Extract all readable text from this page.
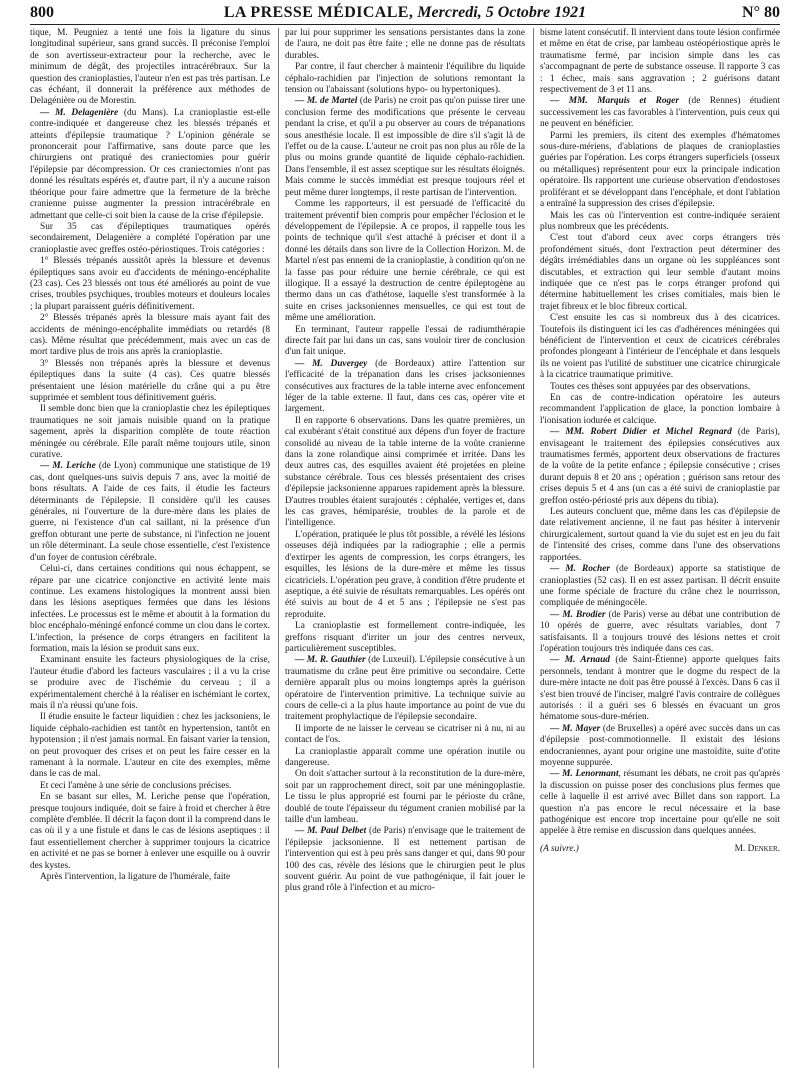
800	LA PRESSE MÉDICALE, Mercredi, 5 Octobre 1921	N° 80

tique, M. Peugniez a tenté une fois la ligature du sinus longitudinal supérieur, sans grand succès. Il préconise l'emploi de son avertisseur-extracteur pour la recherche, avec le minimum de dégât, des projectiles intracérébraux. Sur la question des cranioplasties, l'auteur n'en est pas très partisan. Le cas échéant, il donnerait la préférence aux méthodes de Delagénière ou de Morestin.

— M. Delagenière (du Mans). La cranioplastie est-elle contre-indiquée et dangereuse chez les blessés trépanés et atteints d'épilepsie traumatique ? L'opinion générale se prononcerait pour l'affirmative, sans doute parce que les chirurgiens ont pratiqué des craniectomies pour guérir l'épilepsie par décompression. Or ces craniectomies n'ont pas donné les résultats espérés et, d'autre part, il n'y a aucune raison théorique pour faire admettre que la fermeture de la brèche cranienne puisse augmenter la pression intracérébrale en admettant que celle-ci soit bien la cause de la crise d'épilepsie.

Sur 35 cas d'épileptiques traumatiques opérés secondairement, Delagenière a complété l'opération par une cranioplastie avec greffes ostéo-périostiques. Trois catégories :

1° Blessés trépanés aussitôt après la blessure et devenus épileptiques sans avoir eu d'accidents de méningo-encéphalite (23 cas). Ces 23 blessés ont tous été améliorés au point de vue crises, troubles psychiques, troubles moteurs et douleurs locales ; la plupart paraissent guéris définitivement.

2° Blessés trépanés après la blessure mais ayant fait des accidents de méningo-encéphalite immédiats ou retardés (8 cas). Même résultat que précédemment, mais avec un cas de mort tardive plus de trois ans après la cranioplastie.

3° Blessés non trépanés après la blessure et devenus épileptiques dans la suite (4 cas). Ces quatre blessés présentaient une lésion matérielle du crâne qui a pu être supprimée et semblent tous définitivement guéris.

Il semble donc bien que la cranioplastie chez les épileptiques traumatiques ne soit jamais nuisible quand on la pratique sagement, après la disparition complète de toute réaction méningée ou cérébrale. Elle paraît même toujours utile, sinon curative.

— M. Leriche (de Lyon) communique une statistique de 19 cas, dont quelques-uns suivis depuis 7 ans, avec la moitié de bons résultats. A l'aide de ces faits, il étudie les facteurs déterminants de l'épilepsie. Il considère qu'il les causes générales, ni l'ouverture de la dure-mère dans les plaies de guerre, ni l'existence d'un cal saillant, ni la présence d'un greffon obturant une perte de substance, ni l'infection ne jouent un rôle déterminant. La seule chose essentielle, c'est l'existence d'un foyer de contusion cérébrale.

Celui-ci, dans certaines conditions qui nous échappent, se répare par une cicatrice conjonctive en activité lente mais continue. Les examens histologiques la montrent aussi bien dans les lésions aseptiques fermées que dans les lésions infectées. Le processus est le même et aboutit à la formation du bloc encéphalo-méningé enfoncé comme un clou dans le cortex. L'infection, la présence de corps étrangers en facilitent la formation, mais la lésion se produit sans eux.

Examinant ensuite les facteurs physiologiques de la crise, l'auteur étudie d'abord les facteurs vasculaires ; il a vu la crise se produire avec de l'ischémie du cerveau ; il a expérimentalement cherché à la réaliser en ischémiant le cortex, mais il n'a réussi qu'une fois.

Il étudie ensuite le facteur liquidien : chez les jacksoniens, le liquide céphalo-rachidien est tantôt en hypertension, tantôt en hypotension ; il n'est jamais normal. En faisant varier la tension, on peut provoquer des crises et on peut les faire cesser en la ramenant à la normale. L'auteur en cite des exemples, même dans le cas de mal.

Et ceci l'amène à une série de conclusions précises.

En se basant sur elles, M. Leriche pense que l'opération, presque toujours indiquée, doit se faire à froid et chercher à être complète d'emblée. Il décrit la façon dont il la comprend dans le cas où il y a une fistule et dans le cas de lésions aseptiques : il faut essentiellement chercher à supprimer toujours la cicatrice en activité et ne pas se borner à enlever une esquille ou à ouvrir des kystes.

Après l'intervention, la ligature de l'humérale, faite

par lui pour supprimer les sensations persistantes dans la zone de l'aura, ne doit pas être faite ; elle ne donne pas de résultats durables.

Par contre, il faut chercher à maintenir l'équilibre du liquide céphalo-rachidien par l'injection de solutions remontant la tension ou l'abaissant (solutions hypo- ou hypertoniques).

— M. de Martel (de Paris) ne croit pas qu'on puisse tirer une conclusion ferme des modifications que présente le cerveau pendant la crise, et qu'il a pu observer au cours de trépanations sous anesthésie locale. Il est impossible de dire s'il s'agit là de l'effet ou de la cause. L'auteur ne croit pas non plus au rôle de la plus ou moins grande quantité de liquide céphalo-rachidien. Dans l'ensemble, il est assez sceptique sur les résultats éloignés. Mais comme le succès immédiat est presque toujours réel et peut même durer longtemps, il reste partisan de l'intervention.

Comme les rapporteurs, il est persuadé de l'efficacité du traitement préventif bien compris pour empêcher l'éclosion et le développement de l'épilepsie. A ce propos, il rappelle tous les points de technique qu'il s'est attaché à préciser et dont il a donné les détails dans son livre de la Collection Horizon. M. de Martel n'est pas ennemi de la cranioplastie, à condition qu'on ne la fasse pas pour réduire une hernie cérébrale, ce qui est illogique. Il a essayé la destruction de centre épileptogène au thermo dans un cas d'athétose, laquelle s'est transformée à la suite en crises jacksoniennes mensuelles, ce qui est tout de même une amélioration.

En terminant, l'auteur rappelle l'essai de radiumthérapie directe fait par lui dans un cas, sans vouloir tirer de conclusion d'un fait unique.

— M. Duvergey (de Bordeaux) attire l'attention sur l'efficacité de la trépanation dans les crises jacksoniennes consécutives aux fractures de la table interne avec enfoncement léger de la table externe. Il faut, dans ces cas, opérer vite et largement.

Il en rapporte 6 observations. Dans les quatre premières, un cal exubérant s'était constitué aux dépens d'un foyer de fracture consolidé au niveau de la table interne de la voûte cranienne dans la zone rolandique ainsi comprimée et irritée. Dans les deux autres cas, des esquilles avaient été projetées en pleine substance cérébrale. Tous ces blessés présentaient des crises d'épilepsie jacksonienne apparues rapidement après la blessure. D'autres troubles étaient surajoutés : céphalée, vertiges et, dans les cas graves, hémiparésie, troubles de la parole et de l'intelligence.

L'opération, pratiquée le plus tôt possible, a révélé les lésions osseuses déjà indiquées par la radiographie ; elle a permis d'extirper les agents de compression, les corps étrangers, les esquilles, les lésions de la dure-mère et même les tissus cicatriciels. L'opération peu grave, à condition d'être prudente et aseptique, a été suivie de résultats remarquables. Les opérés ont été suivis au bout de 4 et 5 ans ; l'épilepsie ne s'est pas reproduite.

La cranioplastie est formellement contre-indiquée, les greffons risquant d'irriter un jour des centres nerveux, particulièrement susceptibles.

— M. R. Gauthier (de Luxeuil). L'épilepsie consécutive à un traumatisme du crâne peut être primitive ou secondaire. Cette dernière apparaît plus ou moins longtemps après la guérison opératoire de l'intervention primitive. La technique suivie au cours de celle-ci a la plus haute importance au point de vue du traitement prophylactique de l'épilepsie secondaire.

Il importe de ne laisser le cerveau se cicatriser ni à nu, ni au contact de l'os.

La cranioplastie apparaît comme une opération inutile ou dangereuse.

On doit s'attacher surtout à la reconstitution de la dure-mère, soit par un rapprochement direct, soit par une méningoplastie. Le tissu le plus approprié est fourni par le périoste du crâne, doublé de toute l'épaisseur du tégument cranien mobilisé par la taille d'un lambeau.

— M. Paul Delbet (de Paris) n'envisage que le traitement de l'épilepsie jacksonienne. Il est nettement partisan de l'intervention qui est à peu près sans danger et qui, dans 90 pour 100 des cas, révèle des lésions que le chirurgien peut le plus souvent guérir. Au point de vue pathogénique, il fait jouer le plus grand rôle à l'infection et au micro-

bisme latent consécutif. Il intervient dans toute lésion confirmée et même en état de crise, par lambeau ostéopériostique après le traumatisme fermé, par incision simple dans les cas s'accompagnant de perte de substance osseuse. Il rapporte 3 cas : 1 échec, mais sans aggravation ; 2 guérisons datant respectivement de 3 et 11 ans.

— MM. Marquis et Roger (de Rennes) étudient successivement les cas favorables à l'intervention, puis ceux qui ne peuvent en bénéficier.

Parmi les premiers, ils citent des exemples d'hématomes sous-dure-mériens, d'ablations de plaques de cranioplasties guéries par l'opération. Les corps étrangers superficiels (osseux ou métalliques) représentent pour eux la principale indication opératoire. Ils rapportent une curieuse observation d'endostoses proliférant et se développant dans l'encéphale, et dont l'ablation a entraîné la suppression des crises d'épilepsie.

Mais les cas où l'intervention est contre-indiquée seraient plus nombreux que les précédents.

C'est tout d'abord ceux avec corps étrangers très profondément situés, dont l'extraction peut déterminer des dégâts irrémédiables dans un organe où les suppléances sont discutables, et extraction qui leur semble d'autant moins indiquée que ce n'est pas le corps étranger profond qui détermine habituellement les crises comitiales, mais bien le trajet fibreux et le bloc fibreux cortical.

C'est ensuite les cas si nombreux dus à des cicatrices. Toutefois ils distinguent ici les cas d'adhérences méningées qui bénéficient de l'intervention et ceux de cicatrices cérébrales profondes plongeant à l'intérieur de l'encéphale et dans lesquels ils ne voient pas l'utilité de substituer une cicatrice chirurgicale à la cicatrice traumatique primitive.

Toutes ces thèses sont appuyées par des observations.

En cas de contre-indication opératoire les auteurs recommandent l'application de glace, la ponction lombaire à l'ionisation iodurée et calcique.

— MM. Robert Didier et Michel Regnard (de Paris), envisageant le traitement des épilepsies consécutives aux traumatismes fermés, apportent deux observations de fractures de la voûte de la petite enfance ; épilepsie consécutive ; crises durant depuis 8 et 20 ans ; opération ; guérison sans retour des crises depuis 5 et 4 ans (un cas a été suivi de cranioplastie par greffon ostéo-périosté pris aux dépens du tibia).

Les auteurs concluent que, même dans les cas d'épilepsie de date relativement ancienne, il ne faut pas hésiter à intervenir chirurgicalement, surtout quand la vie du sujet est en jeu du fait de l'intensité des crises, comme dans l'une des observations rapportées.

— M. Rocher (de Bordeaux) apporte sa statistique de cranioplasties (52 cas). Il en est assez partisan. Il décrit ensuite une forme spéciale de fracture du crâne chez le nourrisson, compliquée de méningocèle.

— M. Brodier (de Paris) verse au débat une contribution de 10 opérés de guerre, avec résultats variables, dont 7 satisfaisants. Il a toujours trouvé des lésions nettes et croit l'opération toujours très indiquée dans ces cas.

— M. Arnaud (de Saint-Étienne) apporte quelques faits personnels, tendant à montrer que le dogme du respect de la dure-mère intacte ne doit pas être poussé à l'excès. Dans 6 cas il s'est bien trouvé de l'inciser, malgré l'avis contraire de collègues autorisés : il a guéri ses 6 blessés en évacuant un gros hématome sous-dure-mérien.

— M. Mayer (de Bruxelles) a opéré avec succès dans un cas d'épilepsie post-commotionnelle. Il existait des lésions endocraniennes, ayant pour origine une mastoïdite, suite d'otite moyenne suppurée.

— M. Lenormant, résumant les débats, ne croit pas qu'après la discussion on puisse poser des conclusions plus fermes que celle à laquelle il est arrivé avec Billet dans son rapport. La question n'a pas encore le recul nécessaire et la base pathogénique est encore trop incertaine pour qu'elle ne soit appelée à être remise en discussion dans quelques années.

(A suivre.)	M. Denker.
